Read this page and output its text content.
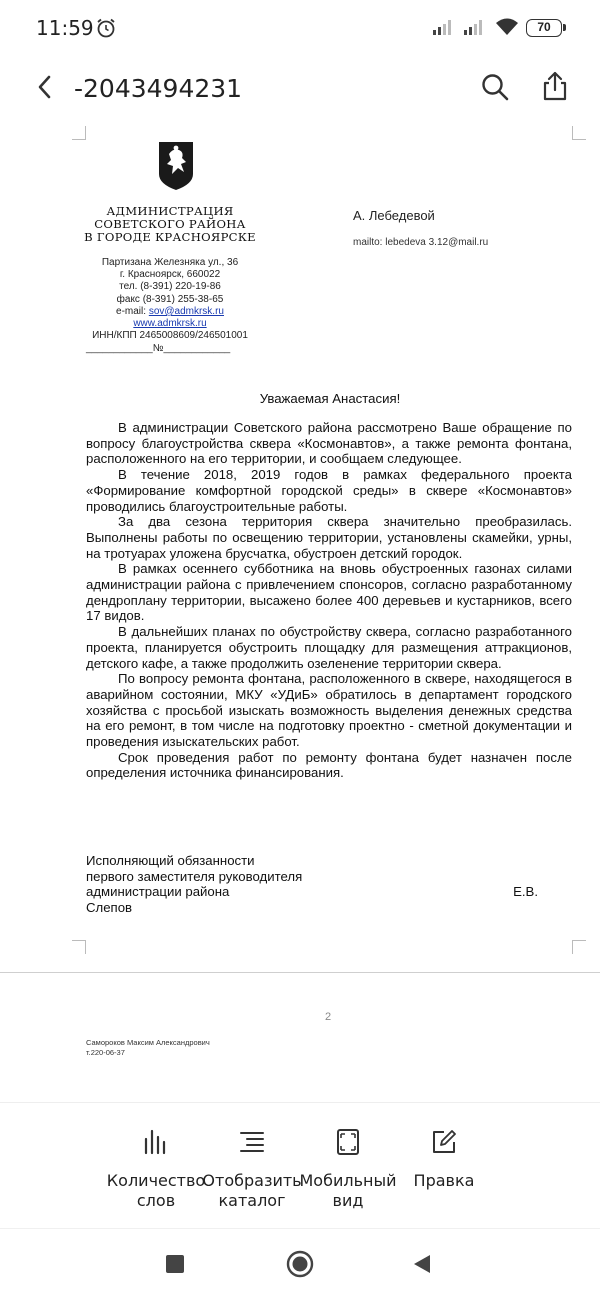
11:59	70
-2043494231
АДМИНИСТРАЦИЯ
СОВЕТСКОГО РАЙОНА
В ГОРОДЕ КРАСНОЯРСКЕ
Партизана Железняка ул., 36
г. Красноярск, 660022
тел. (8-391) 220-19-86
факс (8-391) 255-38-65
e-mail: sov@admkrsk.ru
www.admkrsk.ru
ИНН/КПП 2465008609/246501001
____________№____________
А. Лебедевой
mailto: lebedeva 3.12@mail.ru
Уважаемая Анастасия!

В администрации Советского района рассмотрено Ваше обращение по вопросу благоустройства сквера «Космонавтов», а также ремонта фонтана, расположенного на его территории, и сообщаем следующее.

В течение 2018, 2019 годов в рамках федерального проекта «Формирование комфортной городской среды» в сквере «Космонавтов» проводились благоустроительные работы.

За два сезона территория сквера значительно преобразилась. Выполнены работы по освещению территории, установлены скамейки, урны, на тротуарах уложена брусчатка, обустроен детский городок.

В рамках осеннего субботника на вновь обустроенных газонах силами администрации района с привлечением спонсоров, согласно разработанному дендроплану территории, высажено более 400 деревьев и кустарников, всего 17 видов.

В дальнейших планах по обустройству сквера, согласно разработанного проекта, планируется обустроить площадку для размещения аттракционов, детского кафе, а также продолжить озеленение территории сквера.

По вопросу ремонта фонтана, расположенного в сквере, находящегося в аварийном состоянии, МКУ «УДиБ» обратилось в департамент городского хозяйства с просьбой изыскать возможность выделения денежных средства на его ремонт, в том числе на подготовку проектно - сметной документации и проведения изыскательских работ.

Срок проведения работ по ремонту фонтана будет назначен после определения источника финансирования.

Исполняющий обязанности
первого заместителя руководителя
администрации района	Е.В.
Слепов
2
Самороков Максим Александрович
т.220-06-37
Количество
слов
Отобразить
каталог
Мобильный
вид
Правка
